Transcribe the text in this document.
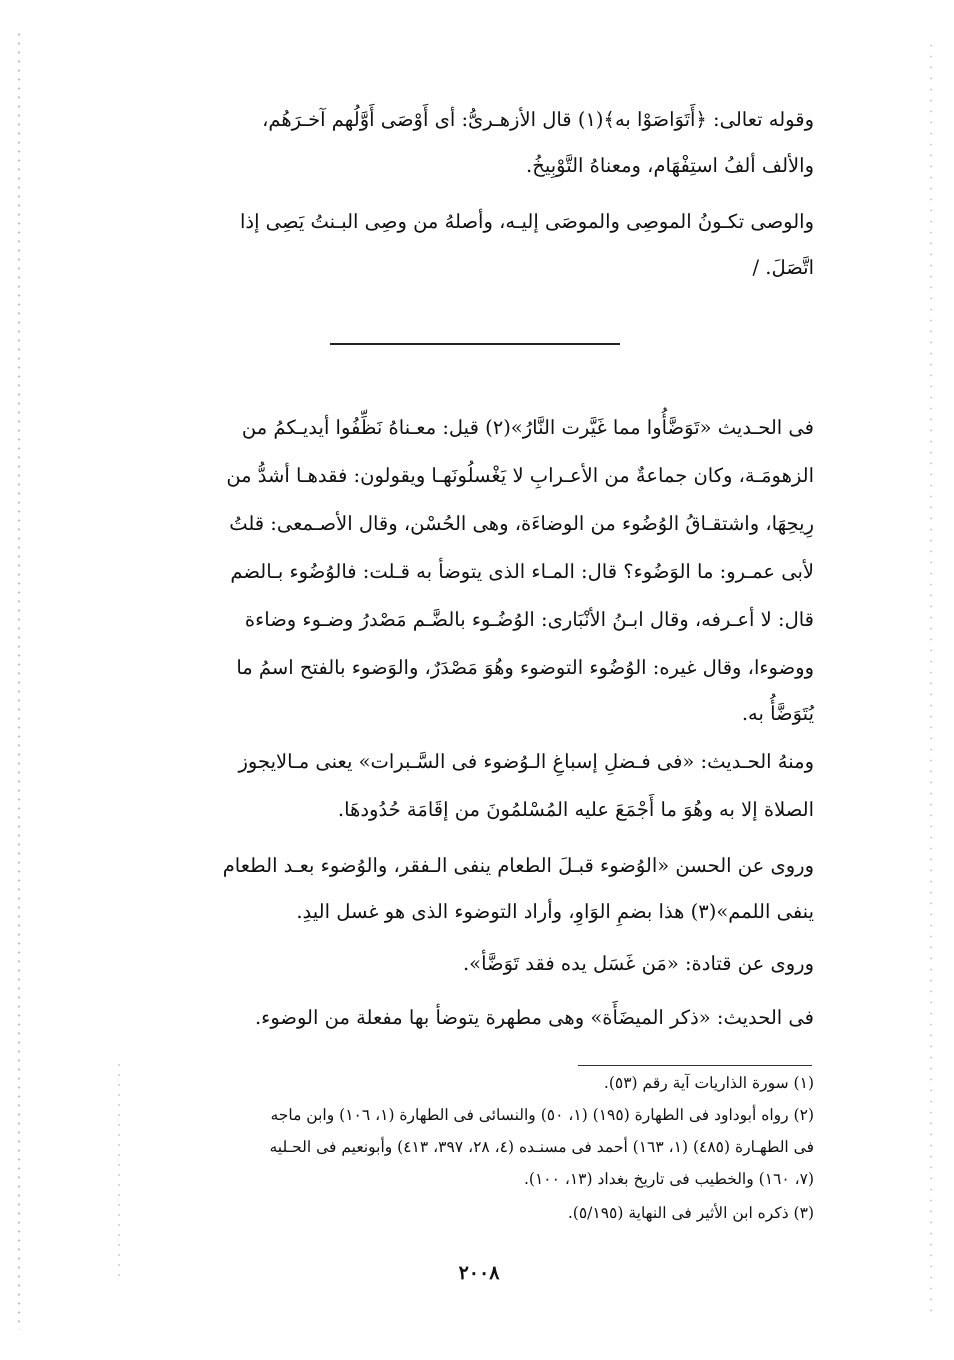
وقوله تعالى: ﴿أَتَوَاصَوْا به﴾(١) قال الأزهـرىُّ: أى أَوْصَى أَوَّلُهم آخـرَهُم،
والألف ألفُ استِفْهَام، ومعناهُ التَّوْبِيخُ.
والوصى تكـونُ الموصِى والموصَى إليـه، وأصلهُ من وصِى البـنتُ يَصِى إذا
اتَّصَلَ. /
فى الحـديث «تَوَضَّأُوا مما غَيَّرت النَّارُ»(٢) قيل: معـناهُ نَظِّفُوا أيديـكمُ من
الزهومَـة، وكان جماعةٌ من الأعـرابِ لا يَغْسلُونَهـا ويقولون: فقدهـا أشدُّ من
رِيحِهَا، واشتقـاقُ الوُضُوء من الوضاءَة، وهى الحُسْن، وقال الأصـمعى: قلتُ
لأبى عمـرو: ما الوَضُوء؟ قال: المـاء الذى يتوضأ به قـلت: فالوُضُوء بـالضم
قال: لا أعـرفه، وقال ابـنُ الأنْبَارى: الوُضُـوء بالضَّـم مَصْدرُ وضـوء وضاءة
ووضوءا، وقال غيره: الوُضُوء التوضوء وهُوَ مَصْدَرٌ، والوَضوء بالفتح اسمُ ما
يُتَوَضَّأُ به.
ومنهُ الحـديث: «فى فـضلِ إسباغِ الـوُضوء فى السَّـبرات» يعنى مـالايجوز
الصلاة إلا به وهُوَ ما أَجْمَعَ عليه المُسْلمُونَ من إقَامَة حُدُودهَا.
وروى عن الحسن «الوُضوء قبـلَ الطعام ينفى الـفقر، والوُضوء بعـد الطعام
ينفى اللمم»(٣) هذا بضمِ الوَاوِ، وأراد التوضوء الذى هو غسل اليدِ.
وروى عن قتادة: «مَن غَسَل يده فقد تَوَضَّأ».
فى الحديث: «ذكر الميضَأَة» وهى مطهرة يتوضأ بها مفعلة من الوضوء.
(١) سورة الذاريات آية رقم (٥٣).
(٢) رواه أبوداود فى الطهارة (١٩٥) (١، ٥٠) والنسائى فى الطهارة (١، ١٠٦) وابن ماجه
فى الطهـارة (٤٨٥) (١، ١٦٣) أحمد فى مسنـده (٤، ٢٨، ٣٩٧، ٤١٣) وأبونعيم فى الحـليه
(٧، ١٦٠) والخطيب فى تاريخ بغداد (١٣، ١٠٠).
(٣) ذكره ابن الأثير فى النهاية (٥/١٩٥).
٢٠٠٨
